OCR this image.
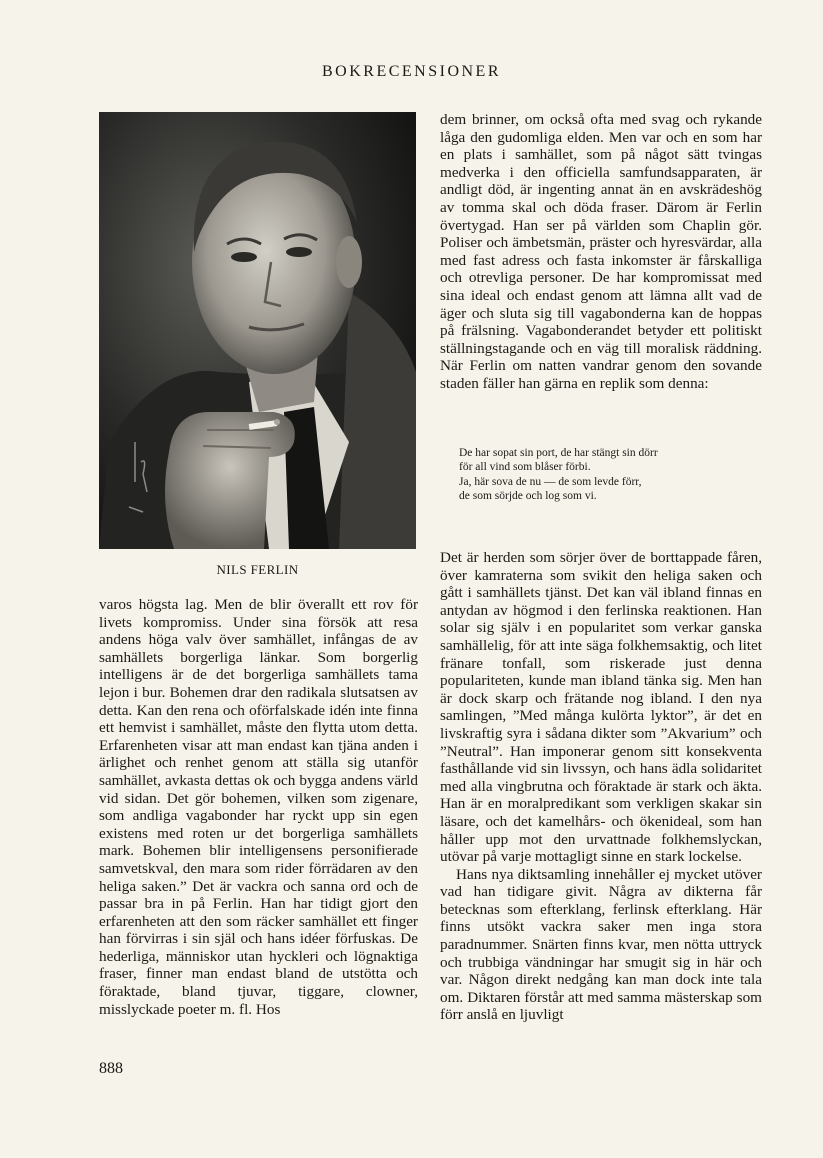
BOKRECENSIONER
NILS FERLIN

varos högsta lag. Men de blir överallt ett rov för livets kompromiss. Under sina försök att resa andens höga valv över samhället, infångas de av samhällets borgerliga länkar. Som borgerlig intelligens är de det borgerliga samhällets tama lejon i bur. Bohemen drar den radikala slutsatsen av detta. Kan den rena och oförfalskade idén inte finna ett hemvist i samhället, måste den flytta utom detta. Erfarenheten visar att man endast kan tjäna anden i ärlighet och renhet genom att ställa sig utanför samhället, avkasta dettas ok och bygga andens värld vid sidan. Det gör bohemen, vilken som zigenare, som andliga vagabonder har ryckt upp sin egen existens med roten ur det borgerliga samhällets mark. Bohemen blir intelligensens personifierade samvetskval, den mara som rider förrädaren av den heliga saken.” Det är vackra och sanna ord och de passar bra in på Ferlin. Han har tidigt gjort den erfarenheten att den som räcker samhället ett finger han förvirras i sin själ och hans idéer förfuskas. De hederliga, människor utan hyckleri och lögnaktiga fraser, finner man endast bland de utstötta och föraktade, bland tjuvar, tiggare, clowner, misslyckade poeter m. fl. Hos

dem brinner, om också ofta med svag och rykande låga den gudomliga elden. Men var och en som har en plats i samhället, som på något sätt tvingas medverka i den officiella samfundsapparaten, är andligt död, är ingenting annat än en avskrädeshög av tomma skal och döda fraser. Därom är Ferlin övertygad. Han ser på världen som Chaplin gör. Poliser och ämbetsmän, präster och hyresvärdar, alla med fast adress och fasta inkomster är fårskalliga och otrevliga personer. De har kompromissat med sina ideal och endast genom att lämna allt vad de äger och sluta sig till vagabonderna kan de hoppas på frälsning. Vagabonderandet betyder ett politiskt ställningstagande och en väg till moralisk räddning. När Ferlin om natten vandrar genom den sovande staden fäller han gärna en replik som denna:

De har sopat sin port, de har stängt sin dörr
för all vind som blåser förbi.
Ja, här sova de nu — de som levde förr,
de som sörjde och log som vi.

Det är herden som sörjer över de borttappade fåren, över kamraterna som svikit den heliga saken och gått i samhällets tjänst. Det kan väl ibland finnas en antydan av högmod i den ferlinska reaktionen. Han solar sig själv i en popularitet som verkar ganska samhällelig, för att inte säga folkhemsaktig, och litet fränare tonfall, som riskerade just denna populariteten, kunde man ibland tänka sig. Men han är dock skarp och frätande nog ibland. I den nya samlingen, ”Med många kulörta lyktor”, är det en livskraftig syra i sådana dikter som ”Akvarium” och ”Neutral”. Han imponerar genom sitt konsekventa fasthållande vid sin livssyn, och hans ädla solidaritet med alla vingbrutna och föraktade är stark och äkta. Han är en moralpredikant som verkligen skakar sin läsare, och det kamelhårs- och ökenideal, som han håller upp mot den urvattnade folkhemslyckan, utövar på varje mottagligt sinne en stark lockelse.

Hans nya diktsamling innehåller ej mycket utöver vad han tidigare givit. Några av dikterna får betecknas som efterklang, ferlinsk efterklang. Här finns utsökt vackra saker men inga stora paradnummer. Snärten finns kvar, men nötta uttryck och trubbiga vändningar har smugit sig in här och var. Någon direkt nedgång kan man dock inte tala om. Diktaren förstår att med samma mästerskap som förr anslå en ljuvligt

888
